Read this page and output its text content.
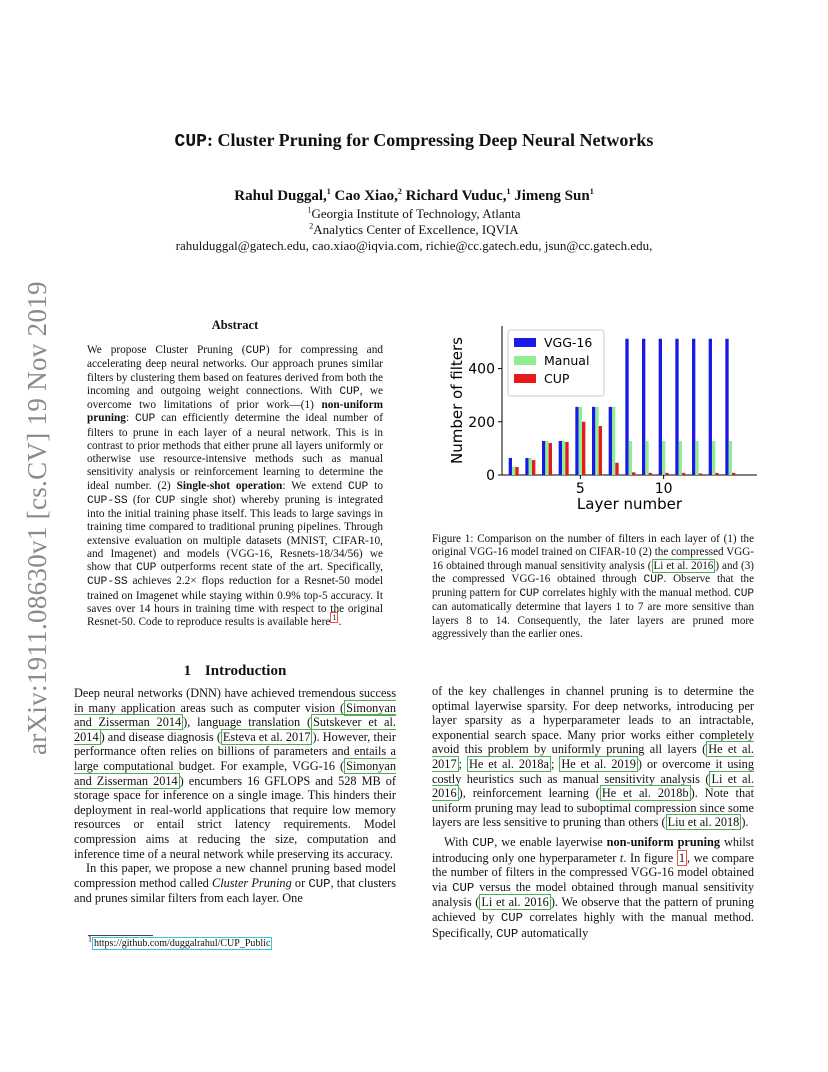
arXiv:1911.08630v1 [cs.CV] 19 Nov 2019
CUP: Cluster Pruning for Compressing Deep Neural Networks
Rahul Duggal,$^1$ Cao Xiao,$^2$ Richard Vuduc,$^1$ Jimeng Sun$^1$
$^1$Georgia Institute of Technology, Atlanta
$^2$Analytics Center of Excellence, IQVIA
rahulduggal@gatech.edu, cao.xiao@iqvia.com, richie@cc.gatech.edu, jsun@cc.gatech.edu,
Abstract
We propose Cluster Pruning (CUP) for compressing and accelerating deep neural networks. Our approach prunes similar filters by clustering them based on features derived from both the incoming and outgoing weight connections. With CUP, we overcome two limitations of prior work—(1) non-uniform pruning: CUP can efficiently determine the ideal number of filters to prune in each layer of a neural network. This is in contrast to prior methods that either prune all layers uniformly or otherwise use resource-intensive methods such as manual sensitivity analysis or reinforcement learning to determine the ideal number. (2) Single-shot operation: We extend CUP to CUP-SS (for CUP single shot) whereby pruning is integrated into the initial training phase itself. This leads to large savings in training time compared to traditional pruning pipelines. Through extensive evaluation on multiple datasets (MNIST, CIFAR-10, and Imagenet) and models (VGG-16, Resnets-18/34/56) we show that CUP outperforms recent state of the art. Specifically, CUP-SS achieves 2.2× flops reduction for a Resnet-50 model trained on Imagenet while staying within 0.9% top-5 accuracy. It saves over 14 hours in training time with respect to the original Resnet-50. Code to reproduce results is available here $^1$ .
1 Introduction

Deep neural networks (DNN) have achieved tremendous success in many application areas such as computer vision ( Simonyan and Zisserman 2014 ), language translation ( Sutskever et al. 2014 ) and disease diagnosis ( Esteva et al. 2017 ). However, their performance often relies on billions of parameters and entails a large computational budget. For example, VGG-16 ( Simonyan and Zisserman 2014 ) encumbers 16 GFLOPS and 528 MB of storage space for inference on a single image. This hinders their deployment in real-world applications that require low memory resources or entail strict latency requirements. Model compression aims at reducing the size, computation and inference time of a neural network while preserving its accuracy.

In this paper, we propose a new channel pruning based model compression method called Cluster Pruning or CUP, that clusters and prunes similar filters from each layer. One

$^1$ https://github.com/duggalrahul/CUP_Public
0
200
400
5	10
Layer number
Number of filters	VGG-16
Manual
CUP
Figure 1: Comparison on the number of filters in each layer of (1) the original VGG-16 model trained on CIFAR-10 (2) the compressed VGG-16 obtained through manual sensitivity analysis ( Li et al. 2016 ) and (3) the compressed VGG-16 obtained through CUP. Observe that the pruning pattern for CUP correlates highly with the manual method. CUP can automatically determine that layers 1 to 7 are more sensitive than layers 8 to 14. Consequently, the later layers are pruned more aggressively than the earlier ones.

of the key challenges in channel pruning is to determine the optimal layerwise sparsity. For deep networks, introducing per layer sparsity as a hyperparameter leads to an intractable, exponential search space. Many prior works either completely avoid this problem by uniformly pruning all layers ( He et al. 2017 ; He et al. 2018a ; He et al. 2019 ) or overcome it using costly heuristics such as manual sensitivity analysis ( Li et al. 2016 ), reinforcement learning ( He et al. 2018b ). Note that uniform pruning may lead to suboptimal compression since some layers are less sensitive to pruning than others ( Liu et al. 2018 ).

With CUP, we enable layerwise non-uniform pruning whilst introducing only one hyperparameter t. In figure 1 , we compare the number of filters in the compressed VGG-16 model obtained via CUP versus the model obtained through manual sensitivity analysis ( Li et al. 2016 ). We observe that the pattern of pruning achieved by CUP correlates highly with the manual method. Specifically, CUP automatically
